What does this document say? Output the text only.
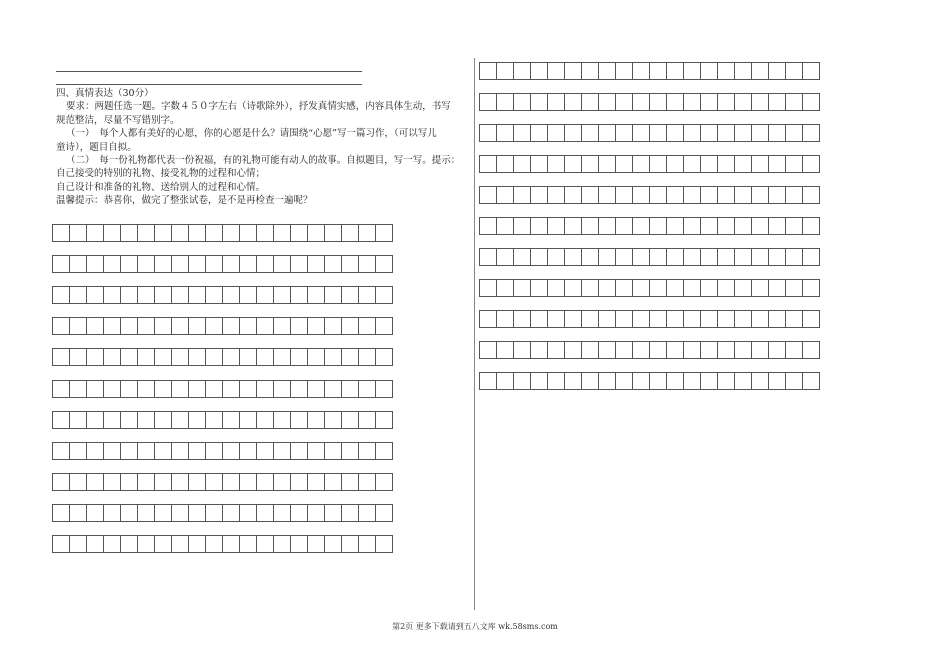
四、真情表达（30分）
要求：两题任选一题。字数４５０字左右（诗歌除外），抒发真情实感，内容具体生动，书写
规范整洁，尽量不写错别字。
（一）　每个人都有美好的心愿，你的心愿是什么？请围绕“心愿”写一篇习作，（可以写儿
童诗），题目自拟。
（二）　每一份礼物都代表一份祝福，有的礼物可能有动人的故事。自拟题目，写一写。提示：
自己接受的特别的礼物、接受礼物的过程和心情；
自己设计和准备的礼物、送给别人的过程和心情。
温馨提示：恭喜你，做完了整张试卷，是不是再检查一遍呢？
第2页 更多下载请到五八文库 wk.58sms.com
